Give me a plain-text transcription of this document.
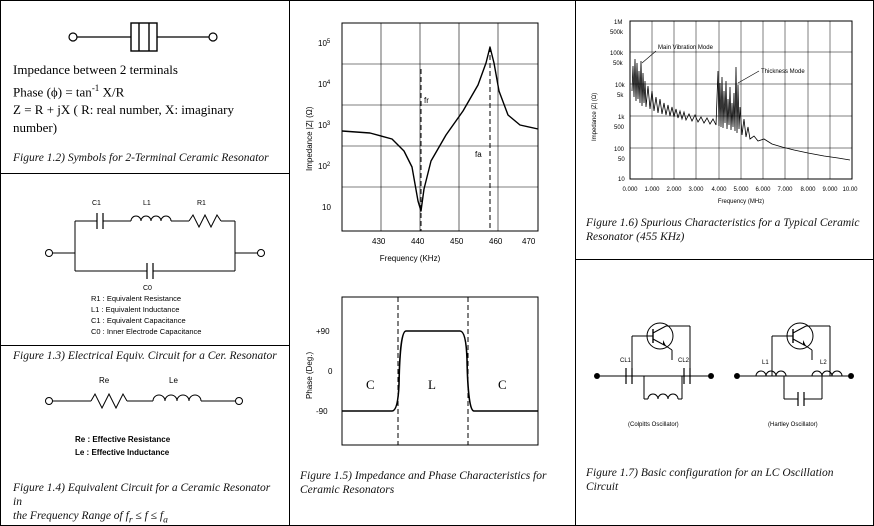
Impedance between 2 terminals
Phase $(\phi) = \tan^{-1} X/R$
Z = R + jX ( R: real number, X: imaginary number)
Figure 1.2) Symbols for 2-Terminal Ceramic Resonator
C1	L1	R1
C0
R1 : Equivalent Resistance
L1 : Equivalent Inductance
C1 : Equivalent Capacitance
C0 : Inner Electrode Capacitance
Figure 1.3) Electrical Equiv. Circuit for a Cer. Resonator
Re	Le
Re : Effective Resistance
Le : Effective Inductance
Figure 1.4) Equivalent Circuit for a Ceramic Resonator in
the Frequency Range of $f_r \le f \le f_a$
Impedance |Z| (Ω)
$10^5$
$10^4$
$10^3$
$10^2$
10
430	440	450	460 470
Frequency (KHz)
fr
fa
Phase (Deg.)
+90
0
-90
C	L	C
Figure 1.5) Impedance and Phase Characteristics for
Ceramic Resonators
Impedance |Z| (Ω)
1M
500k
100k
50k
10k
5k
1k
500
100
50
10
0.000 1.000 2.000 3.000 4.000 5.000 6.000 7.000 8.000 9.000 10.00
Frequency (MHz)
Main Vibration Mode
Thickness Mode
Figure 1.6) Spurious Characteristics for a Typical Ceramic
Resonator (455 KHz)
CL1	CL2
(Colpitts Oscillator)
L1	L2
(Hartley Oscillator)
Figure 1.7) Basic configuration for an LC Oscillation Circuit
